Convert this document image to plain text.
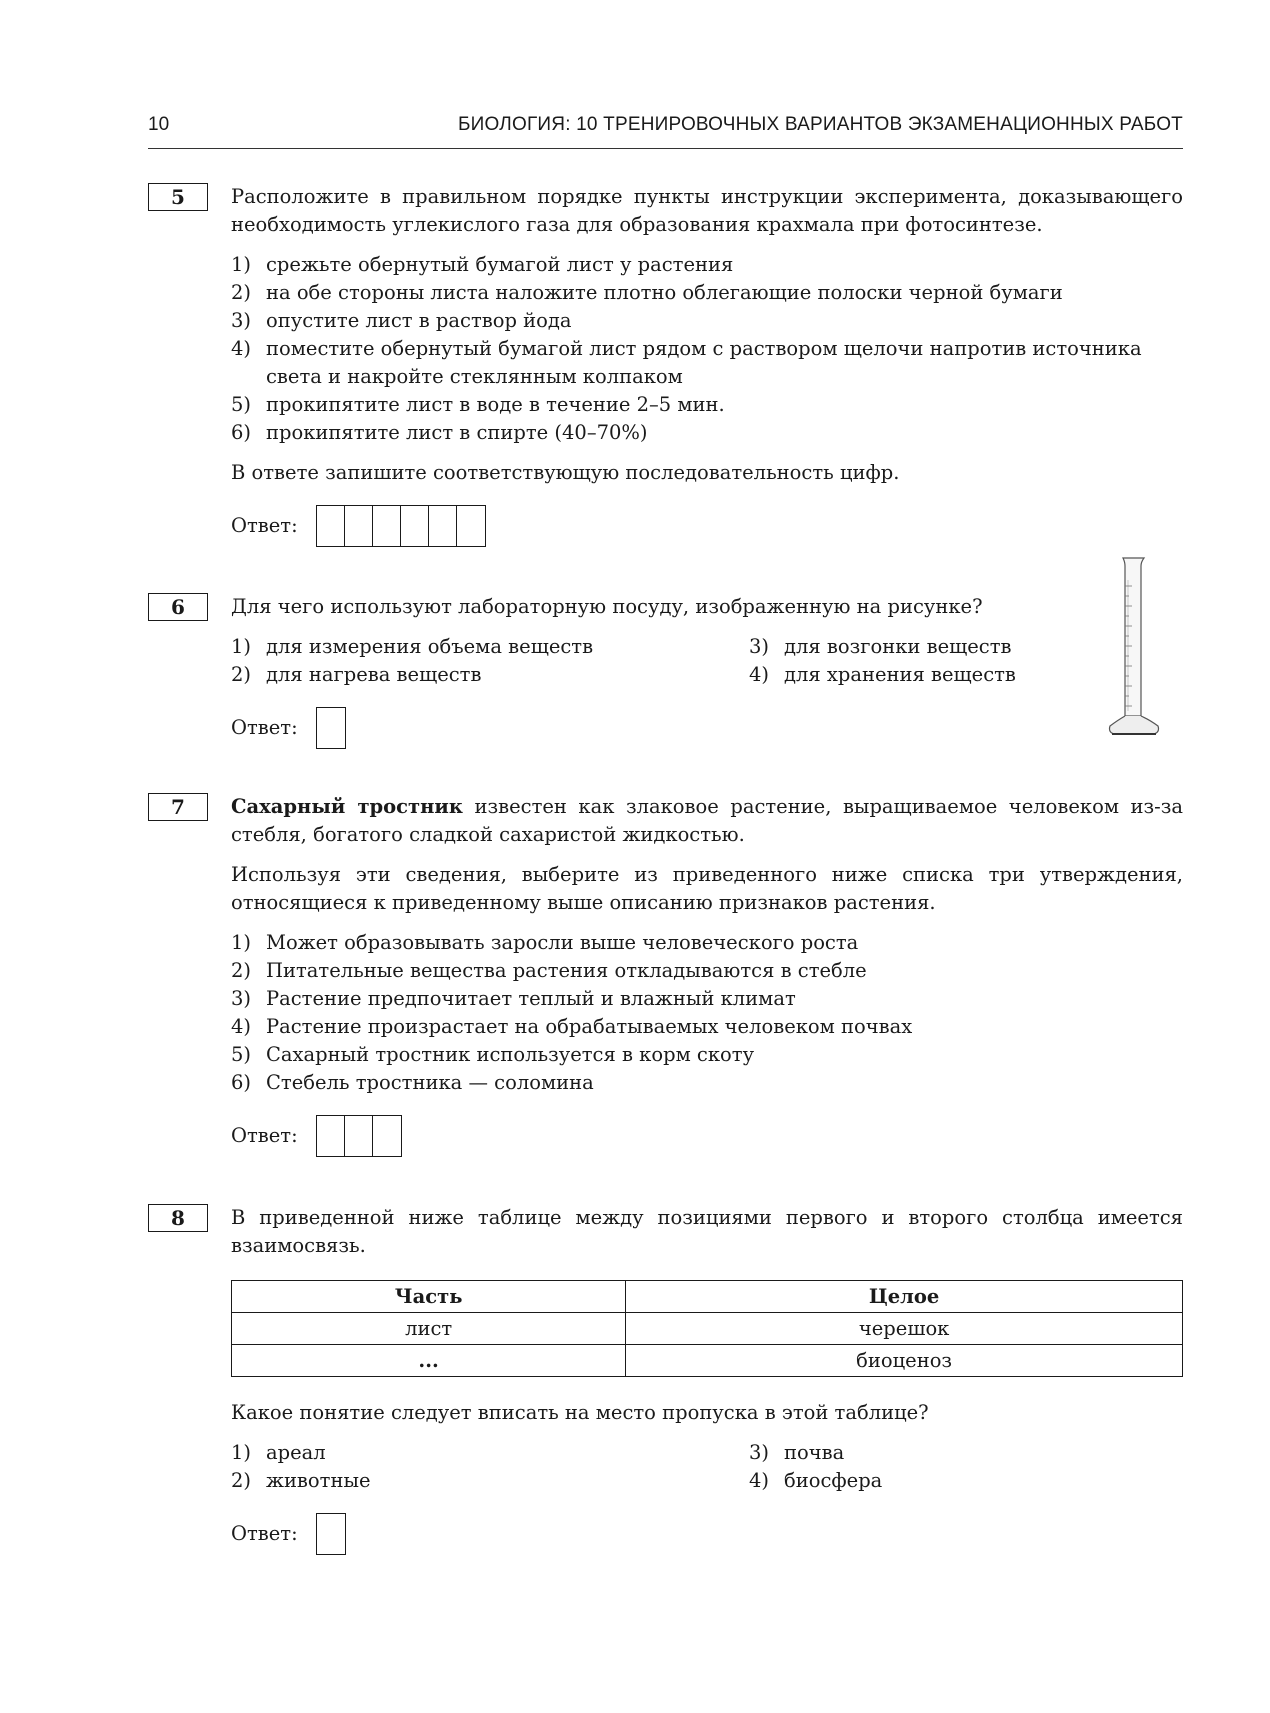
10	БИОЛОГИЯ: 10 ТРЕНИРОВОЧНЫХ ВАРИАНТОВ ЭКЗАМЕНАЦИОННЫХ РАБОТ
5	Расположите в правильном порядке пункты инструкции эксперимента, доказывающего необходимость углекислого газа для образования крахмала при фотосинтезе.

1) срежьте обернутый бумагой лист у растения
2) на обе стороны листа наложите плотно облегающие полоски черной бумаги
3) опустите лист в раствор йода
4) поместите обернутый бумагой лист рядом с раствором щелочи напротив источника света и накройте стеклянным колпаком
5) прокипятите лист в воде в течение 2–5 мин.
6) прокипятите лист в спирте (40–70%)

В ответе запишите соответствующую последовательность цифр.

Ответ:
6	Для чего используют лабораторную посуду, изображенную на рисунке?

1) для измерения объема веществ	3) для возгонки веществ
2) для нагрева веществ	4) для хранения веществ
Ответ:
7	Сахарный тростник известен как злаковое растение, выращиваемое человеком из-за стебля, богатого сладкой сахаристой жидкостью.

Используя эти сведения, выберите из приведенного ниже списка три утверждения, относящиеся к приведенному выше описанию признаков растения.

1) Может образовывать заросли выше человеческого роста
2) Питательные вещества растения откладываются в стебле
3) Растение предпочитает теплый и влажный климат
4) Растение произрастает на обрабатываемых человеком почвах
5) Сахарный тростник используется в корм скоту
6) Стебель тростника — соломина
Ответ:
8	В приведенной ниже таблице между позициями первого и второго столбца имеется взаимосвязь.

Часть	Целое
лист	черешок
...	биоценоз

Какое понятие следует вписать на место пропуска в этой таблице?

1) ареал	3) почва
2) животные	4) биосфера
Ответ:
